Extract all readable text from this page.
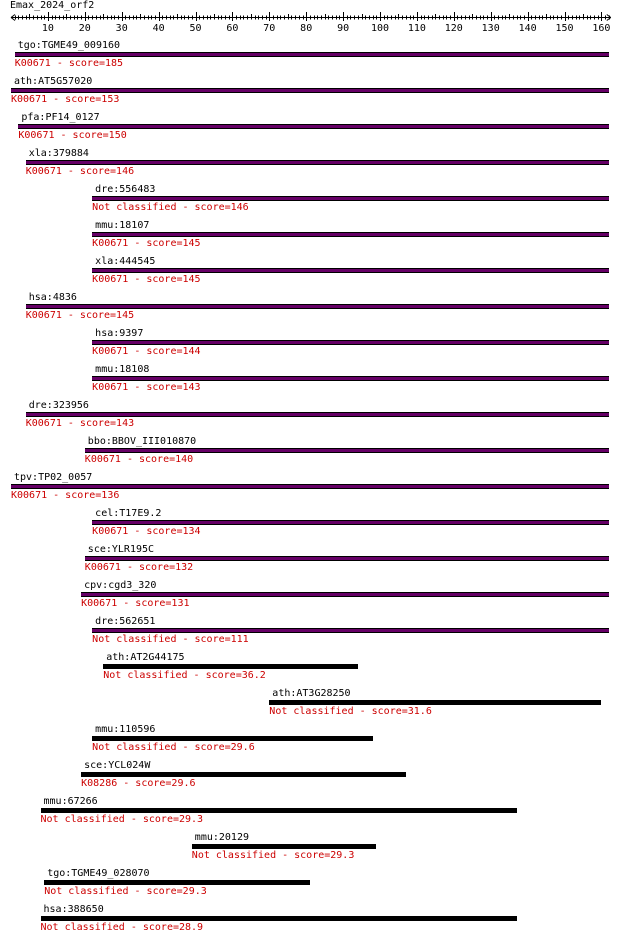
Emax_2024_orf2
10 20 30 40 50 60 70 80 90 100 110 120 130 140 150 160
tgo:TGME49_009160
K00671 - score=185
ath:AT5G57020
K00671 - score=153
pfa:PF14_0127
K00671 - score=150
xla:379884
K00671 - score=146
dre:556483
Not classified - score=146
mmu:18107
K00671 - score=145
xla:444545
K00671 - score=145
hsa:4836
K00671 - score=145
hsa:9397
K00671 - score=144
mmu:18108
K00671 - score=143
dre:323956
K00671 - score=143
bbo:BBOV_III010870
K00671 - score=140
tpv:TP02_0057
K00671 - score=136
cel:T17E9.2
K00671 - score=134
sce:YLR195C
K00671 - score=132
cpv:cgd3_320
K00671 - score=131
dre:562651
Not classified - score=111
ath:AT2G44175
Not classified - score=36.2
ath:AT3G28250
Not classified - score=31.6
mmu:110596
Not classified - score=29.6
sce:YCL024W
K08286 - score=29.6
mmu:67266
Not classified - score=29.3
mmu:20129
Not classified - score=29.3
tgo:TGME49_028070
Not classified - score=29.3
hsa:388650
Not classified - score=28.9
